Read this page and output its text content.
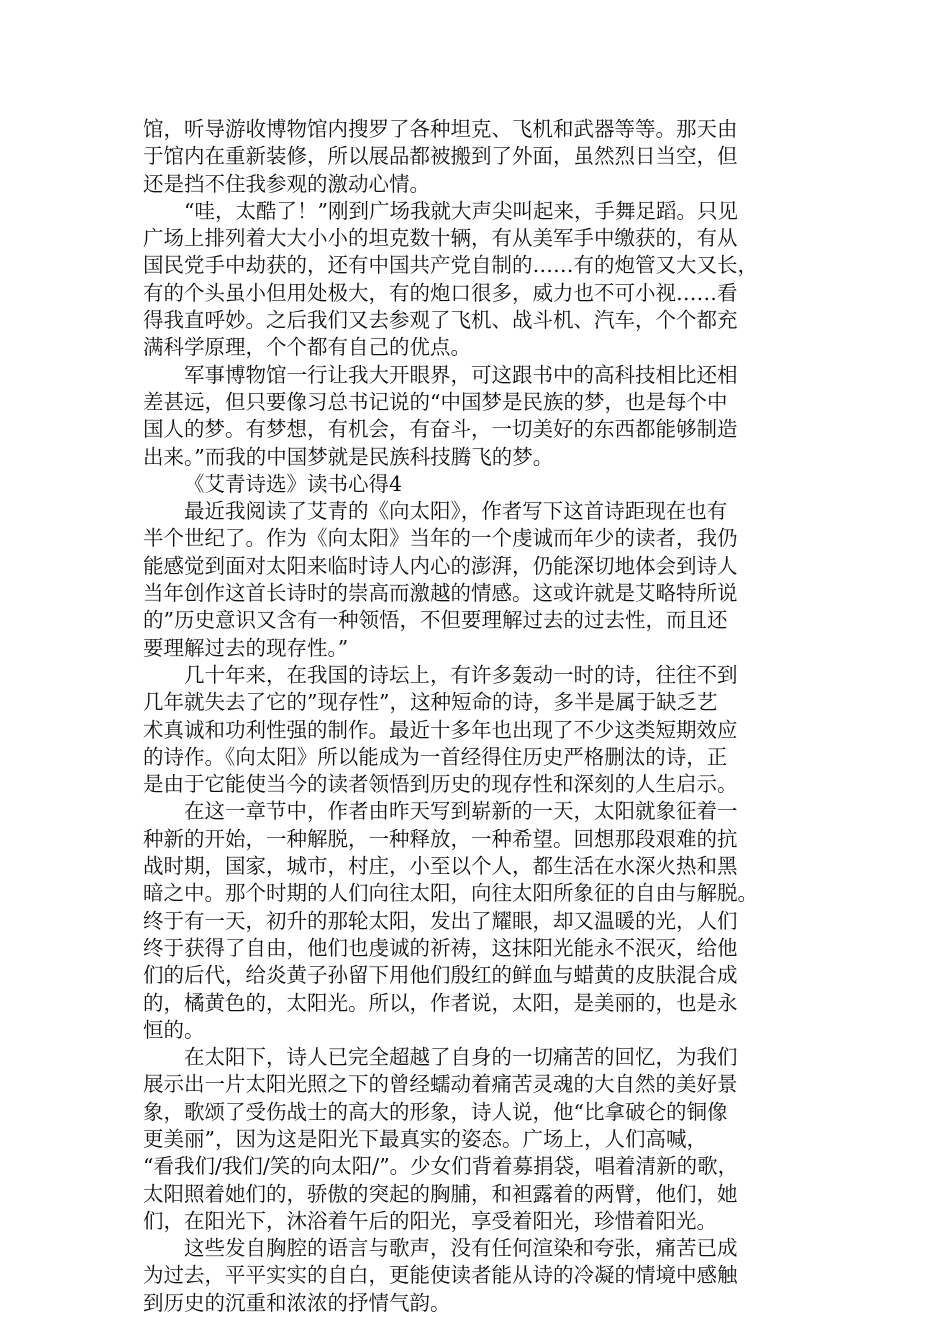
馆，听导游收博物馆内搜罗了各种坦克、飞机和武器等等。那天由
于馆内在重新装修，所以展品都被搬到了外面，虽然烈日当空，但
还是挡不住我参观的激动心情。
“哇，太酷了！”刚到广场我就大声尖叫起来，手舞足蹈。只见
广场上排列着大大小小的坦克数十辆，有从美军手中缴获的，有从
国民党手中劫获的，还有中国共产党自制的……有的炮管又大又长，
有的个头虽小但用处极大，有的炮口很多，威力也不可小视……看
得我直呼妙。之后我们又去参观了飞机、战斗机、汽车，个个都充
满科学原理，个个都有自己的优点。
军事博物馆一行让我大开眼界，可这跟书中的高科技相比还相
差甚远，但只要像习总书记说的“中国梦是民族的梦，也是每个中
国人的梦。有梦想，有机会，有奋斗，一切美好的东西都能够制造
出来。”而我的中国梦就是民族科技腾飞的梦。
《艾青诗选》读书心得4
最近我阅读了艾青的《向太阳》，作者写下这首诗距现在也有
半个世纪了。作为《向太阳》当年的一个虔诚而年少的读者，我仍
能感觉到面对太阳来临时诗人内心的澎湃，仍能深切地体会到诗人
当年创作这首长诗时的崇高而激越的情感。这或许就是艾略特所说
的”历史意识又含有一种领悟，不但要理解过去的过去性，而且还
要理解过去的现存性。”
几十年来，在我国的诗坛上，有许多轰动一时的诗，往往不到
几年就失去了它的”现存性”，这种短命的诗，多半是属于缺乏艺
术真诚和功利性强的制作。最近十多年也出现了不少这类短期效应
的诗作。《向太阳》所以能成为一首经得住历史严格删汰的诗，正
是由于它能使当今的读者领悟到历史的现存性和深刻的人生启示。
在这一章节中，作者由昨天写到崭新的一天，太阳就象征着一
种新的开始，一种解脱，一种释放，一种希望。回想那段艰难的抗
战时期，国家，城市，村庄，小至以个人，都生活在水深火热和黑
暗之中。那个时期的人们向往太阳，向往太阳所象征的自由与解脱。
终于有一天，初升的那轮太阳，发出了耀眼，却又温暖的光，人们
终于获得了自由，他们也虔诚的祈祷，这抹阳光能永不泯灭，给他
们的后代，给炎黄子孙留下用他们殷红的鲜血与蜡黄的皮肤混合成
的，橘黄色的，太阳光。所以，作者说，太阳，是美丽的，也是永
恒的。
在太阳下，诗人已完全超越了自身的一切痛苦的回忆，为我们
展示出一片太阳光照之下的曾经蠕动着痛苦灵魂的大自然的美好景
象，歌颂了受伤战士的高大的形象，诗人说，他“比拿破仑的铜像
更美丽”，因为这是阳光下最真实的姿态。广场上，人们高喊，
“看我们/我们/笑的向太阳/”。少女们背着募捐袋，唱着清新的歌，
太阳照着她们的，骄傲的突起的胸脯，和袒露着的两臂，他们，她
们，在阳光下，沐浴着午后的阳光，享受着阳光，珍惜着阳光。
这些发自胸腔的语言与歌声，没有任何渲染和夸张，痛苦已成
为过去，平平实实的自白，更能使读者能从诗的冷凝的情境中感触
到历史的沉重和浓浓的抒情气韵。
